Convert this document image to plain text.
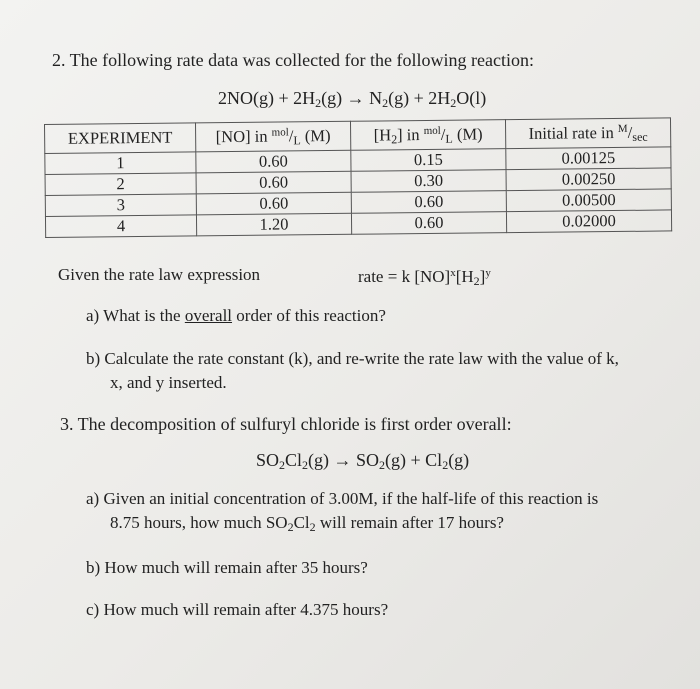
2. The following rate data was collected for the following reaction:
$2NO(g) + 2H_2(g) \to N_2(g) + 2H_2O(l)$
EXPERIMENT	[NO] in $^{mol}/_L$ (M)	$[H_2]$ in $^{mol}/_L$ (M)	Initial rate in $^M/_{sec}$
1	0.60	0.15	0.00125
2	0.60	0.30	0.00250
3	0.60	0.60	0.00500
4	1.20	0.60	0.02000
Given the rate law expression	rate = k $[NO]^x[H_2]^y$
a) What is the overall order of this reaction?
b) Calculate the rate constant (k), and re-write the rate law with the value of k,
x, and y inserted.
3. The decomposition of sulfuryl chloride is first order overall:
$SO_2Cl_2(g) \to SO_2(g) + Cl_2(g)$
a) Given an initial concentration of 3.00M, if the half-life of this reaction is
8.75 hours, how much $SO_2Cl_2$ will remain after 17 hours?
b) How much will remain after 35 hours?
c) How much will remain after 4.375 hours?
